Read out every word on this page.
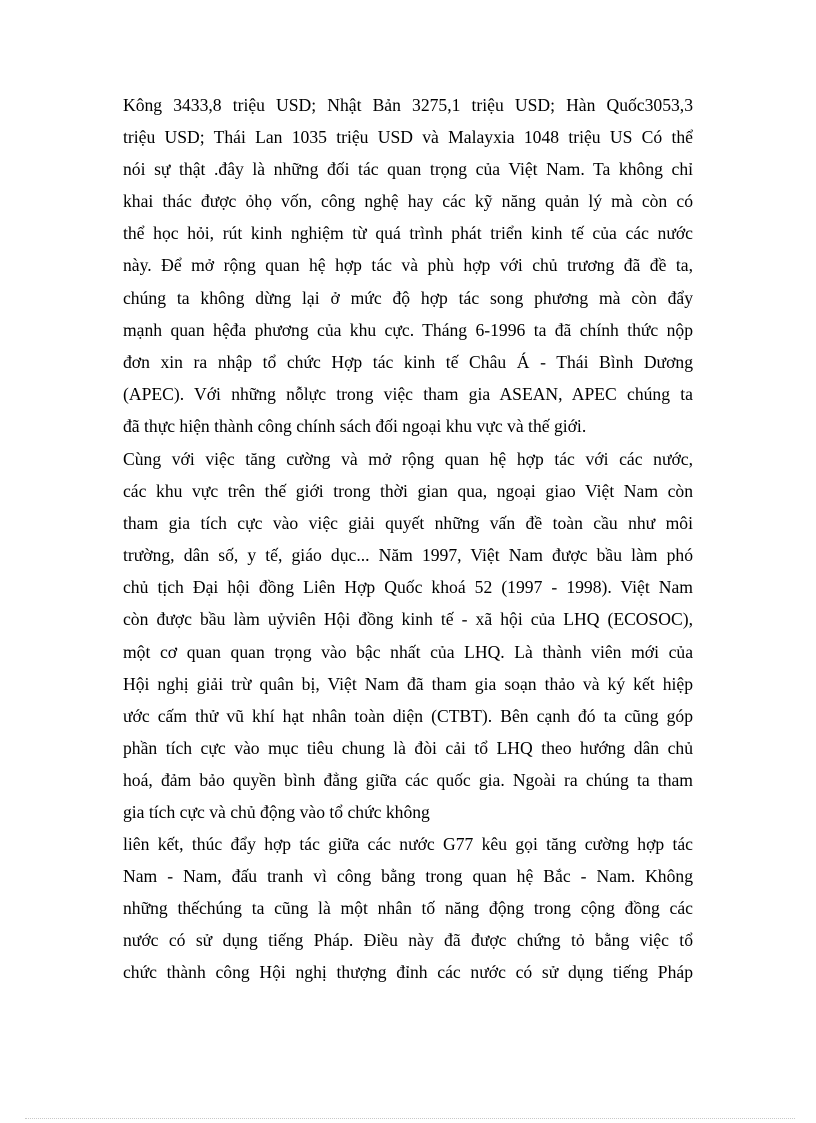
Kông 3433,8 triệu USD; Nhật Bản 3275,1 triệu USD; Hàn Quốc3053,3
triệu USD; Thái Lan 1035 triệu USD và Malayxia 1048 triệu US Có thể
nói sự thật .đây là những đối tác quan trọng của Việt Nam. Ta không chỉ
khai thác được ỏhọ vốn, công nghệ hay các kỹ năng quản lý mà còn có
thể học hỏi, rút kinh nghiệm từ quá trình phát triển kinh tế của các nước
này. Để mở rộng quan hệ hợp tác và phù hợp với chủ trương đã đề ta,
chúng ta không dừng lại ở mức độ hợp tác song phương mà còn đẩy
mạnh quan hệđa phương của khu cực. Tháng 6-1996 ta đã chính thức nộp
đơn xin ra nhập tổ chức Hợp tác kinh tế Châu Á - Thái Bình Dương
(APEC). Với những nỗlực trong việc tham gia ASEAN, APEC chúng ta
đã thực hiện thành công chính sách đối ngoại khu vực và thế giới.
Cùng với việc tăng cường và mở rộng quan hệ hợp tác với các nước,
các khu vực trên thế giới trong thời gian qua, ngoại giao Việt Nam còn
tham gia tích cực vào việc giải quyết những vấn đề toàn cầu như môi
trường, dân số, y tế, giáo dục... Năm 1997, Việt Nam được bầu làm phó
chủ tịch Đại hội đồng Liên Hợp Quốc khoá 52 (1997 - 1998). Việt Nam
còn được bầu làm uỷviên Hội đồng kinh tế - xã hội của LHQ (ECOSOC),
một cơ quan quan trọng vào bậc nhất của LHQ. Là thành viên mới của
Hội nghị giải trừ quân bị, Việt Nam đã tham gia soạn thảo và ký kết hiệp
ước cấm thử vũ khí hạt nhân toàn diện (CTBT). Bên cạnh đó ta cũng góp
phần tích cực vào mục tiêu chung là đòi cải tổ LHQ theo hướng dân chủ
hoá, đảm bảo quyền bình đẳng giữa các quốc gia. Ngoài ra chúng ta tham
gia tích cực và chủ động vào tổ chức không
liên kết, thúc đẩy hợp tác giữa các nước G77 kêu gọi tăng cường hợp tác
Nam - Nam, đấu tranh vì công bằng trong quan hệ Bắc - Nam. Không
những thếchúng ta cũng là một nhân tố năng động trong cộng đồng các
nước có sử dụng tiếng Pháp. Điều này đã được chứng tỏ bằng việc tổ
chức thành công Hội nghị thượng đỉnh các nước có sử dụng tiếng Pháp
